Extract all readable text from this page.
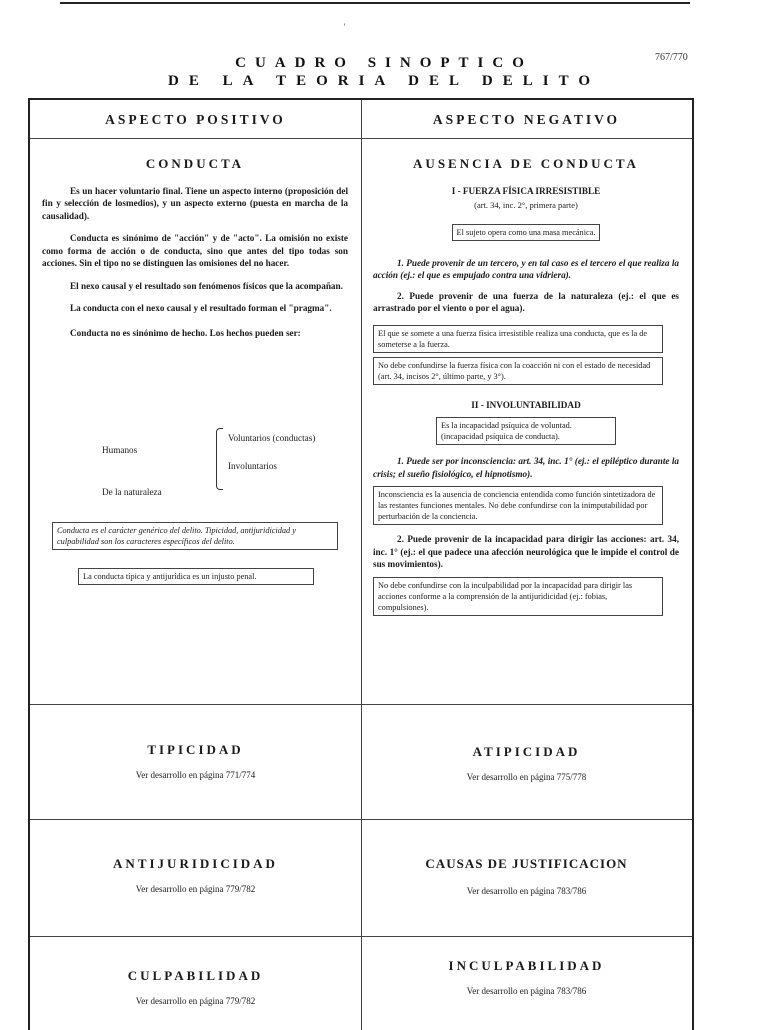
ʼ
767/770
CUADRO SINOPTICO
DE LA TEORIA DEL DELITO
ASPECTO POSITIVO	ASPECTO NEGATIVO
CONDUCTA

Es un hacer voluntario final. Tiene un aspecto interno (proposición del fin y selección de losmedios), y un aspecto externo (puesta en marcha de la causalidad).

Conducta es sinónimo de "acción" y de "acto". La omisión no existe como forma de acción o de conducta, sino que antes del tipo todas son acciones. Sin el tipo no se distinguen las omisiones del no hacer.

El nexo causal y el resultado son fenómenos físicos que la acompañan.

La conducta con el nexo causal y el resultado forman el "pragma".

Conducta no es sinónimo de hecho. Los hechos pueden ser:

Humanos
Voluntarios (conductas)
Involuntarios
De la naturaleza
Conducta es el carácter genérico del delito. Tipicidad, antijuridicidad y culpabilidad son los caracteres específicos del delito.
La conducta típica y antijurídica es un injusto penal.
AUSENCIA DE CONDUCTA
I - FUERZA FÍSICA IRRESISTIBLE
(art. 34, inc. 2°, primera parte)
El sujeto opera como una masa mecánica.

1. Puede provenir de un tercero, y en tal caso es el tercero el que realiza la acción (ej.: el que es empujado contra una vidriera).

2. Puede provenir de una fuerza de la naturaleza (ej.: el que es arrastrado por el viento o por el agua).

El que se somete a una fuerza física irresistible realiza una conducta, que es la de someterse a la fuerza.
No debe confundirse la fuerza física con la coacción ni con el estado de necesidad (art. 34, incisos 2°, último parte, y 3°).
II - INVOLUNTABILIDAD
Es la incapacidad psíquica de voluntad. (incapacidad psíquica de conducta).

1. Puede ser por inconsciencia: art. 34, inc. 1° (ej.: el epiléptico durante la crisis; el sueño fisiológico, el hipnotismo).

Inconsciencia es la ausencia de conciencia entendida como función sintetizadora de las restantes funciones mentales. No debe confundirse con la inimputabilidad por perturbación de la conciencia.

2. Puede provenir de la incapacidad para dirigir las acciones: art. 34, inc. 1° (ej.: el que padece una afección neurológica que le impide el control de sus movimientos).

No debe confundirse con la inculpabilidad por la incapacidad para dirigir las acciones conforme a la comprensión de la antijuridicidad (ej.: fobias, compulsiones).
TIPICIDAD
Ver desarrollo en página 771/774
ATIPICIDAD
Ver desarrollo en página 775/778
ANTIJURIDICIDAD
Ver desarrollo en página 779/782
CAUSAS DE JUSTIFICACION
Ver desarrollo en página 783/786
CULPABILIDAD
Ver desarrollo en página 779/782
INCULPABILIDAD
Ver desarrollo en página 783/786
